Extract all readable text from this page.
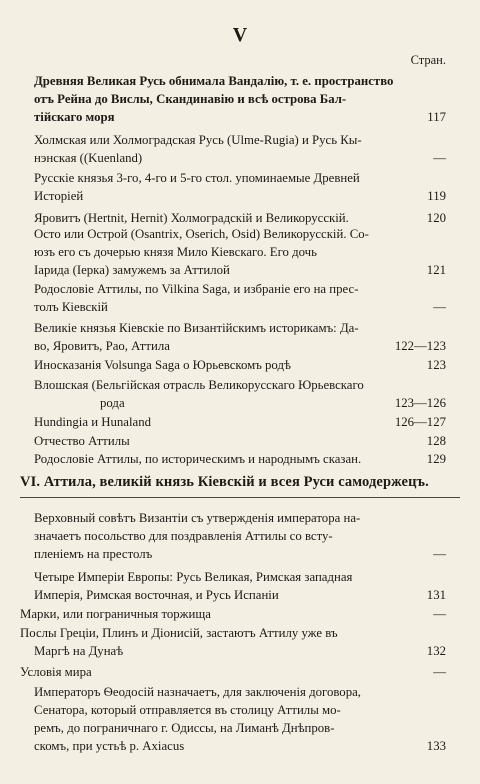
V
Стран.
Древняя Великая Русь обнимала Вандалію, т. е. пространство
отъ Рейна до Вислы, Скандинавію и всѣ острова Бал-
тійскаго моря	117
Холмская или Холмоградская Русь (Ulme-Rugia) и Русь Кы-
нэнская ((Kuenland)	—
Русскіе князья 3-го, 4-го и 5-го стол. упоминаемые Древней
Исторіей	119
Яровитъ (Hertnit, Hernit) Холмоградскій и Великорусскій.	120
Осто или Острой (Osantrix, Oserich, Osid) Великорусскій. Со-
юзъ его съ дочерью князя Мило Кіевскаго. Его дочь
Іарида (Іерка) замужемъ за Аттилой	121
Родословіе Аттилы, по Vilkina Saga, и избраніе его на прес-
толъ Кіевскій	—
Великіе князья Кіевскіе по Византійскимъ историкамъ: Да-
во, Яровитъ, Рао, Аттила	122—123
Иносказанія Volsunga Saga о Юрьевскомъ родѣ	123
Влошская (Бельгійская отрасль Великорусскаго Юрьевскаго
рода	123—126
Hundingia и Hunaland	126—127
Отчество Аттилы	128
Родословіе Аттилы, по историческимъ и народнымъ сказан.	129
VI. Аттила, великій князь Кіевскій и всея Руси самодержецъ.
Верховный совѣтъ Византіи съ утвержденія императора на-
значаетъ посольство для поздравленія Аттилы со всту-
пленіемъ на престолъ	—
Четыре Имперіи Европы: Русь Великая, Римская западная
Имперія, Римская восточная, и Русь Испаніи	131
Марки, или пограничныя торжища	—
Послы Греціи, Плинъ и Діонисій, застаютъ Аттилу уже въ
Маргѣ на Дунаѣ	132
Условія мира	—
Императоръ Ѳеодосій назначаетъ, для заключенія договора,
Сенатора, который отправляется въ столицу Аттилы мо-
ремъ, до пограничнаго г. Одиссы, на Лиманѣ Днѣпров-
скомъ, при устьѣ р. Axiacus	133
